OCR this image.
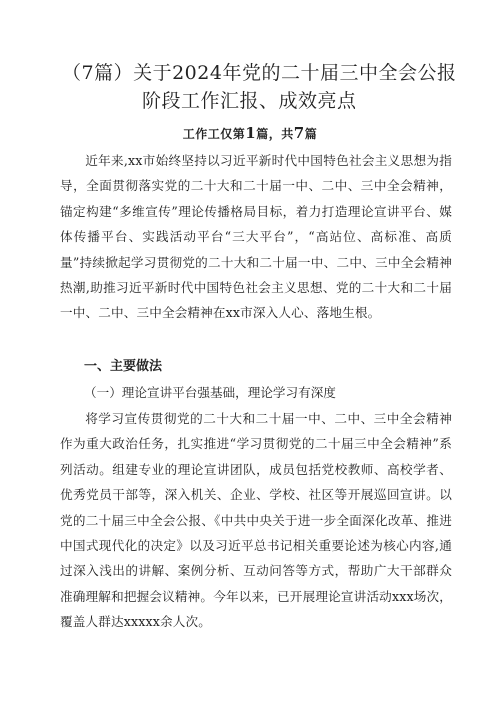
（7篇）关于2024年党的二十届三中全会公报
阶段工作汇报、成效亮点
工作工仅第1篇，共7篇
近年来,xx市始终坚持以习近平新时代中国特色社会主义思想为指导，全面贯彻落实党的二十大和二十届一中、二中、三中全会精神，锚定构建“多维宣传”理论传播格局目标，着力打造理论宣讲平台、媒体传播平台、实践活动平台“三大平台”，“高站位、高标准、高质量”持续掀起学习贯彻党的二十大和二十届一中、二中、三中全会精神热潮,助推习近平新时代中国特色社会主义思想、党的二十大和二十届一中、二中、三中全会精神在xx市深入人心、落地生根。
一、主要做法
（一）理论宣讲平台强基础，理论学习有深度
将学习宣传贯彻党的二十大和二十届一中、二中、三中全会精神作为重大政治任务，扎实推进“学习贯彻党的二十届三中全会精神”系列活动。组建专业的理论宣讲团队，成员包括党校教师、高校学者、优秀党员干部等，深入机关、企业、学校、社区等开展巡回宣讲。以党的二十届三中全会公报、《中共中央关于进一步全面深化改革、推进中国式现代化的决定》以及习近平总书记相关重要论述为核心内容,通过深入浅出的讲解、案例分析、互动问答等方式，帮助广大干部群众准确理解和把握会议精神。今年以来，已开展理论宣讲活动xxx场次，覆盖人群达xxxxx余人次。
